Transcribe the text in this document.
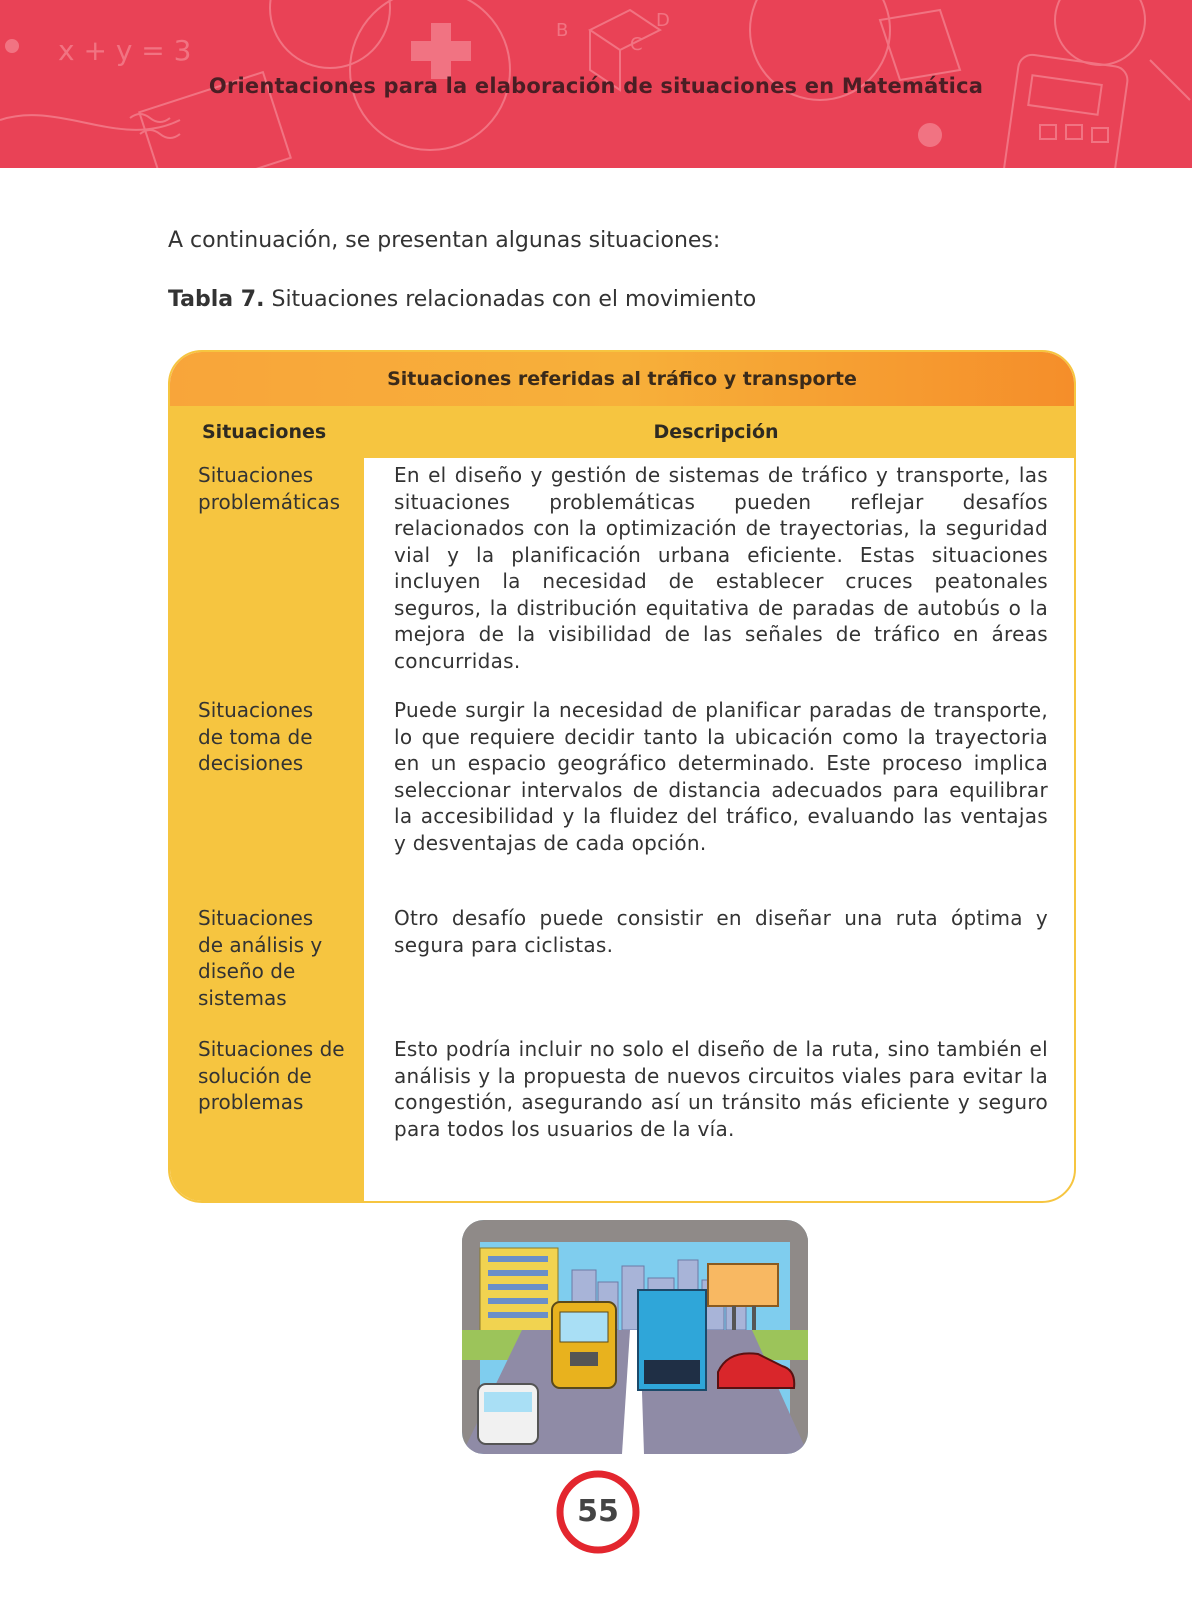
x + y = 3
B	D
C
Orientaciones para la elaboración de situaciones en Matemática
A continuación, se presentan algunas situaciones:
Tabla 7. Situaciones relacionadas con el movimiento
Situaciones referidas al tráfico y transporte
Situaciones	Descripción
Situaciones problemáticas
En el diseño y gestión de sistemas de tráfico y transporte, las situaciones problemáticas pueden reflejar desafíos relacionados con la optimización de trayectorias, la seguridad vial y la planificación urbana eficiente. Estas situaciones incluyen la necesidad de establecer cruces peatonales seguros, la distribución equitativa de paradas de autobús o la mejora de la visibilidad de las señales de tráfico en áreas concurridas.
Situaciones de toma de decisiones
Puede surgir la necesidad de planificar paradas de transporte, lo que requiere decidir tanto la ubicación como la trayectoria en un espacio geográfico determinado. Este proceso implica seleccionar intervalos de distancia adecuados para equilibrar la accesibilidad y la fluidez del tráfico, evaluando las ventajas y desventajas de cada opción.
Situaciones de análisis y diseño de sistemas
Otro desafío puede consistir en diseñar una ruta óptima y segura para ciclistas.
Situaciones de solución de problemas
Esto podría incluir no solo el diseño de la ruta, sino también el análisis y la propuesta de nuevos circuitos viales para evitar la congestión, asegurando así un tránsito más eficiente y seguro para todos los usuarios de la vía.
55
